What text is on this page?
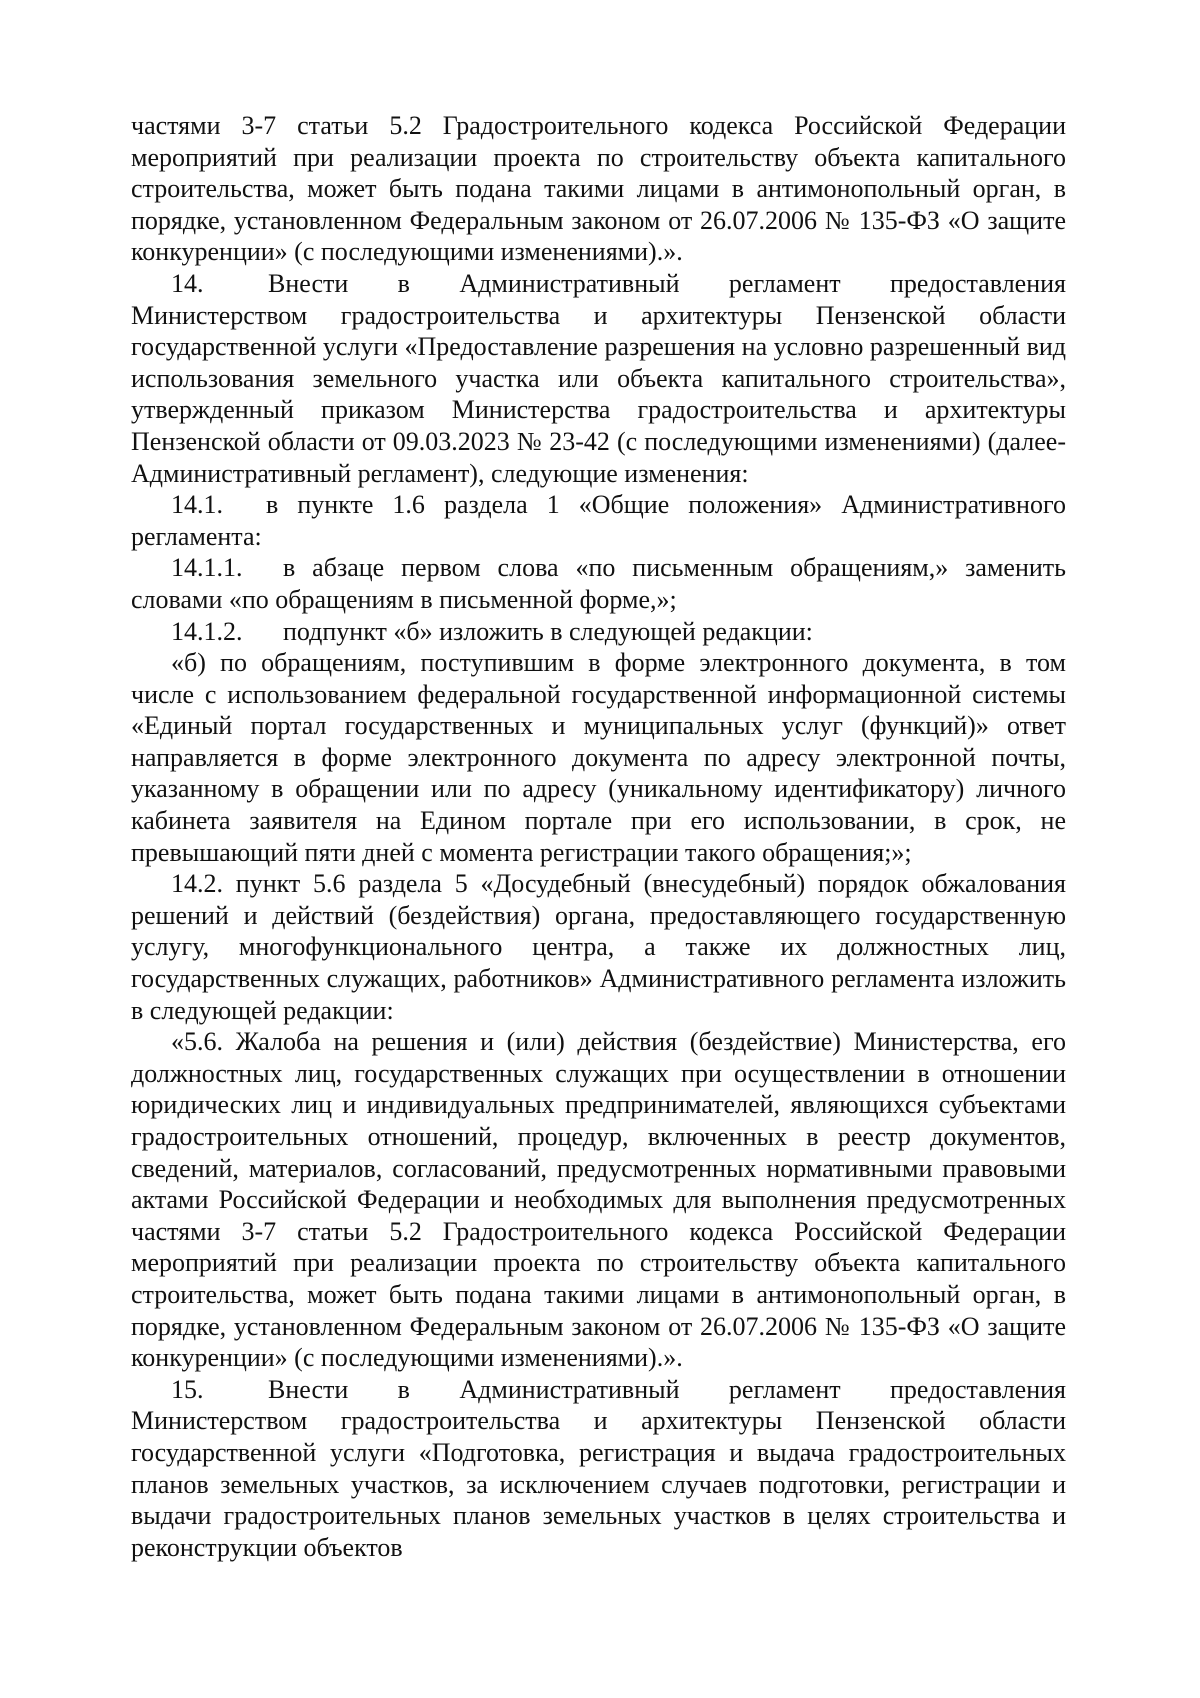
частями 3-7 статьи 5.2 Градостроительного кодекса Российской Федерации мероприятий при реализации проекта по строительству объекта капитального строительства, может быть подана такими лицами в антимонопольный орган, в порядке, установленном Федеральным законом от 26.07.2006 № 135-ФЗ «О защите конкуренции» (с последующими изменениями).».

14. Внести в Административный регламент предоставления Министерством градостроительства и архитектуры Пензенской области государственной услуги «Предоставление разрешения на условно разрешенный вид использования земельного участка или объекта капитального строительства», утвержденный приказом Министерства градостроительства и архитектуры Пензенской области от 09.03.2023 № 23-42 (с последующими изменениями) (далее-Административный регламент), следующие изменения:

14.1. в пункте 1.6 раздела 1 «Общие положения» Административного регламента:

14.1.1. в абзаце первом слова «по письменным обращениям,» заменить словами «по обращениям в письменной форме,»;

14.1.2. подпункт «б» изложить в следующей редакции:

«б) по обращениям, поступившим в форме электронного документа, в том числе с использованием федеральной государственной информационной системы «Единый портал государственных и муниципальных услуг (функций)» ответ направляется в форме электронного документа по адресу электронной почты, указанному в обращении или по адресу (уникальному идентификатору) личного кабинета заявителя на Едином портале при его использовании, в срок, не превышающий пяти дней с момента регистрации такого обращения;»;

14.2. пункт 5.6 раздела 5 «Досудебный (внесудебный) порядок обжалования решений и действий (бездействия) органа, предоставляющего государственную услугу, многофункционального центра, а также их должностных лиц, государственных служащих, работников» Административного регламента изложить в следующей редакции:

«5.6. Жалоба на решения и (или) действия (бездействие) Министерства, его должностных лиц, государственных служащих при осуществлении в отношении юридических лиц и индивидуальных предпринимателей, являющихся субъектами градостроительных отношений, процедур, включенных в реестр документов, сведений, материалов, согласований, предусмотренных нормативными правовыми актами Российской Федерации и необходимых для выполнения предусмотренных частями 3-7 статьи 5.2 Градостроительного кодекса Российской Федерации мероприятий при реализации проекта по строительству объекта капитального строительства, может быть подана такими лицами в антимонопольный орган, в порядке, установленном Федеральным законом от 26.07.2006 № 135-ФЗ «О защите конкуренции» (с последующими изменениями).».

15. Внести в Административный регламент предоставления Министерством градостроительства и архитектуры Пензенской области государственной услуги «Подготовка, регистрация и выдача градостроительных планов земельных участков, за исключением случаев подготовки, регистрации и выдачи градостроительных планов земельных участков в целях строительства и реконструкции объектов
